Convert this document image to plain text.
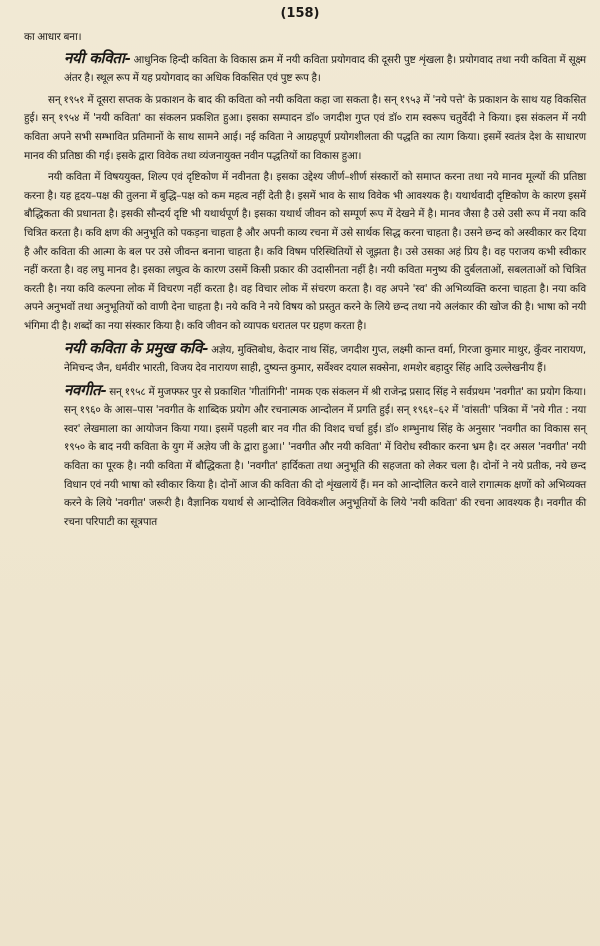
(158)

का आधार बना।

नयी कविता- आधुनिक हिन्दी कविता के विकास क्रम में नयी कविता प्रयोगवाद की दूसरी पुष्ट शृंखला है। प्रयोगवाद तथा नयी कविता में सूक्ष्म अंतर है। स्थूल रूप में यह प्रयोगवाद का अधिक विकसित एवं पुष्ट रूप है।

सन् १९५१ में दूसरा सप्तक के प्रकाशन के बाद की कविता को नयी कविता कहा जा सकता है। सन् १९५३ में 'नये पत्ते' के प्रकाशन के साथ यह विकसित हुई। सन् १९५४ में 'नयी कविता' का संकलन प्रकशित हुआ। इसका सम्पादन डॉ० जगदीश गुप्त एवं डॉ० राम स्वरूप चतुर्वेदी ने किया। इस संकलन में नयी कविता अपने सभी सम्भावित प्रतिमानों के साथ सामने आई। नई कविता ने आग्रहपूर्ण प्रयोगशीलता की पद्धति का त्याग किया। इसमें स्वतंत्र देश के साधारण मानव की प्रतिष्ठा की गई। इसके द्वारा विवेक तथा व्यंजनायुक्त नवीन पद्धतियों का विकास हुआ।

नयी कविता में विषययुक्त, शिल्प एवं दृष्टिकोण में नवीनता है। इसका उद्देश्य जीर्ण–शीर्ण संस्कारों को समाप्त करना तथा नये मानव मूल्यों की प्रतिष्ठा करना है। यह हृदय–पक्ष की तुलना में बुद्धि–पक्ष को कम महत्व नहीं देती है। इसमें भाव के साथ विवेक भी आवश्यक है। यथार्थवादी दृष्टिकोण के कारण इसमें बौद्धिकता की प्रधानता है। इसकी सौन्दर्य दृष्टि भी यथार्थपूर्ण है। इसका यथार्थ जीवन को सम्पूर्ण रूप में देखने में है। मानव जैसा है उसे उसी रूप में नया कवि चित्रित करता है। कवि क्षण की अनुभूति को पकड़ना चाहता है और अपनी काव्य रचना में उसे सार्थक सिद्ध करना चाहता है। उसने छन्द को अस्वीकार कर दिया है और कविता की आत्मा के बल पर उसे जीवन्त बनाना चाहता है। कवि विषम परिस्थितियों से जूझता है। उसे उसका अहं प्रिय है। वह पराजय कभी स्वीकार नहीं करता है। वह लघु मानव है। इसका लघुत्व के कारण उसमें किसी प्रकार की उदासीनता नहीं है। नयी कविता मनुष्य की दुर्बलताओं, सबलताओं को चित्रित करती है। नया कवि कल्पना लोक में विचरण नहीं करता है। वह विचार लोक में संचरण करता है। वह अपने 'स्व' की अभिव्यक्ति करना चाहता है। नया कवि अपने अनुभवों तथा अनुभूतियों को वाणी देना चाहता है। नये कवि ने नये विषय को प्रस्तुत करने के लिये छन्द तथा नये अलंकार की खोज की है। भाषा को नयी भंगिमा दी है। शब्दों का नया संस्कार किया है। कवि जीवन को व्यापक धरातल पर ग्रहण करता है।

नयी कविता के प्रमुख कवि- अज्ञेय, मुक्तिबोध, केदार नाथ सिंह, जगदीश गुप्त, लक्ष्मी कान्त वर्मा, गिरजा कुमार माथुर, कुँवर नारायण, नेमिचन्द जैन, धर्मवीर भारती, विजय देव नारायण साही, दुष्यन्त कुमार, सर्वेश्वर दयाल सक्सेना, शमशेर बहादुर सिंह आदि उल्लेखनीय हैं।

नवगीत- सन् १९५८ में मुजफ्फर पुर से प्रकाशित 'गीतांगिनी' नामक एक संकलन में श्री राजेन्द्र प्रसाद सिंह ने सर्वप्रथम 'नवगीत' का प्रयोग किया। सन् १९६० के आस–पास 'नवगीत के शाब्दिक प्रयोग और रचनात्मक आन्दोलन में प्रगति हुई। सन् १९६१–६२ में 'वांसती' पत्रिका में 'नये गीत : नया स्वर' लेखमाला का आयोजन किया गया। इसमें पहली बार नव गीत की विशद चर्चा हुई। डॉ० शम्भुनाथ सिंह के अनुसार 'नवगीत का विकास सन् १९५० के बाद नयी कविता के युग में अज्ञेय जी के द्वारा हुआ।' 'नवगीत और नयी कविता' में विरोध स्वीकार करना भ्रम है। दर असल 'नवगीत' नयी कविता का पूरक है। नयी कविता में बौद्धिकता है। 'नवगीत' हार्दिकता तथा अनुभूति की सहजता को लेकर चला है। दोनों ने नये प्रतीक, नये छन्द विधान एवं नयी भाषा को स्वीकार किया है। दोनों आज की कविता की दो शृंखलायें हैं। मन को आन्दोलित करने वाले रागात्मक क्षणों को अभिव्यक्त करने के लिये 'नवगीत' जरूरी है। वैज्ञानिक यथार्थ से आन्दोलित विवेकशील अनुभूतियों के लिये 'नयी कविता' की रचना आवश्यक है। नवगीत की रचना परिपाटी का सूत्रपात
